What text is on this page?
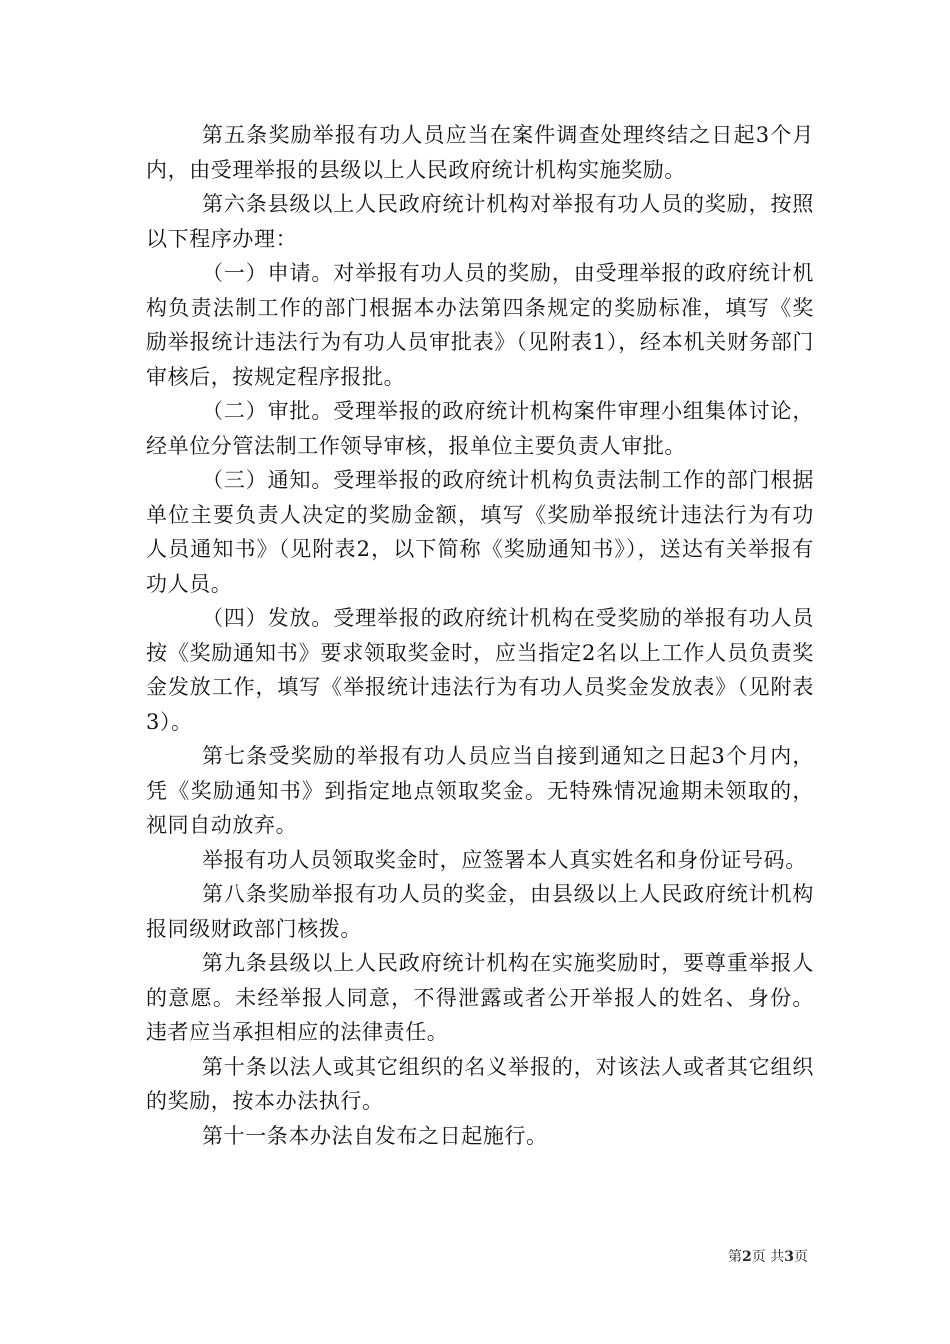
第五条奖励举报有功人员应当在案件调查处理终结之日起3个月内，由受理举报的县级以上人民政府统计机构实施奖励。

第六条县级以上人民政府统计机构对举报有功人员的奖励，按照以下程序办理：

（一）申请。对举报有功人员的奖励，由受理举报的政府统计机构负责法制工作的部门根据本办法第四条规定的奖励标准，填写《奖励举报统计违法行为有功人员审批表》（见附表1），经本机关财务部门审核后，按规定程序报批。

（二）审批。受理举报的政府统计机构案件审理小组集体讨论，经单位分管法制工作领导审核，报单位主要负责人审批。

（三）通知。受理举报的政府统计机构负责法制工作的部门根据单位主要负责人决定的奖励金额，填写《奖励举报统计违法行为有功人员通知书》（见附表2，以下简称《奖励通知书》），送达有关举报有功人员。

（四）发放。受理举报的政府统计机构在受奖励的举报有功人员按《奖励通知书》要求领取奖金时，应当指定2名以上工作人员负责奖金发放工作，填写《举报统计违法行为有功人员奖金发放表》（见附表3）。

第七条受奖励的举报有功人员应当自接到通知之日起3个月内，凭《奖励通知书》到指定地点领取奖金。无特殊情况逾期未领取的，视同自动放弃。

举报有功人员领取奖金时，应签署本人真实姓名和身份证号码。

第八条奖励举报有功人员的奖金，由县级以上人民政府统计机构报同级财政部门核拨。

第九条县级以上人民政府统计机构在实施奖励时，要尊重举报人的意愿。未经举报人同意，不得泄露或者公开举报人的姓名、身份。违者应当承担相应的法律责任。

第十条以法人或其它组织的名义举报的，对该法人或者其它组织的奖励，按本办法执行。

第十一条本办法自发布之日起施行。

第2页 共3页
